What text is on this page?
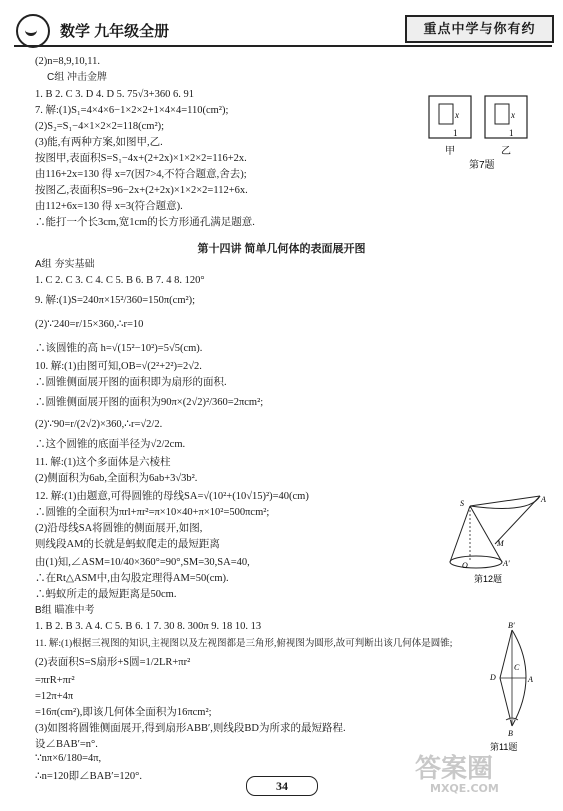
数学 九年级全册	重点中学与你有约
(2)n=8,9,10,11.
C组 冲击金牌
1. B 2. C 3. D 4. D 5. 75√3+360 6. 91
7. 解:(1)S₁=4×4×6−1×2×2+1×4×4=110(cm²);
(2)S₂=S₁−4×1×2×2=118(cm²);
(3)能,有两种方案,如图甲,乙.
按图甲,表面积S=S₁−4x+(2+2x)×1×2×2=116+2x.
由116+2x=130 得 x=7(因7>4,不符合题意,舍去);
按图乙,表面积S=96−2x+(2+2x)×1×2×2=112+6x.
由112+6x=130 得 x=3(符合题意).
∴能打一个长3cm,宽1cm的长方形通孔满足题意.
1
x
1
x
甲	乙
第7题
第十四讲 简单几何体的表面展开图
A组 夯实基础
1. C 2. C 3. C 4. C 5. B 6. B 7. 4 8. 120°
9. 解:(1)S=240π×15²/360=150π(cm²);
(2)∵240=r/15×360,∴r=10
∴该圆锥的高 h=√(15²−10²)=5√5(cm).
10. 解:(1)由图可知,OB=√(2²+2²)=2√2.
∴圆锥侧面展开图的面积即为扇形的面积.
∴圆锥侧面展开图的面积为90π×(2√2)²/360=2πcm²;
(2)∵90=r/(2√2)×360,∴r=√2/2.
∴这个圆锥的底面半径为√2/2cm.
11. 解:(1)这个多面体是六棱柱
(2)侧面积为6ab,全面积为6ab+3√3b².
12. 解:(1)由题意,可得圆锥的母线SA=√(10²+(10√15)²)=40(cm)
∴圆锥的全面积为πrl+πr²=π×10×40+π×10²=500πcm²;
(2)沿母线SA将圆锥的侧面展开,如图,
则线段AM的长就是蚂蚁爬走的最短距离
由(1)知,∠ASM=10/40×360°=90°,SM=30,SA=40,
∴在Rt△ASM中,由勾股定理得AM=50(cm).
∴蚂蚁所走的最短距离是50cm.
B组 瞄准中考
1. B 2. B 3. A 4. C 5. B 6. 1 7. 30 8. 300π 9. 18 10. 13
11. 解:(1)根据三视图的知识,主视图以及左视图都是三角形,俯视图为圆形,故可判断出该几何体是圆锥;
(2)表面积S=S扇形+S圆=1/2LR+πr²
=πrR+πr²
=12π+4π
=16π(cm²),即该几何体全面积为16πcm²;
(3)如图将圆锥侧面展开,得到扇形ABB′,则线段BD为所求的最短路程.
设∠BAB′=n°.
∵nπ×6/180=4π,
∴n=120即∠BAB′=120°.
A
S
M
O	A′
第12题
B′
C
D	A
B
第11题
34
答案圈
MXQE.COM
